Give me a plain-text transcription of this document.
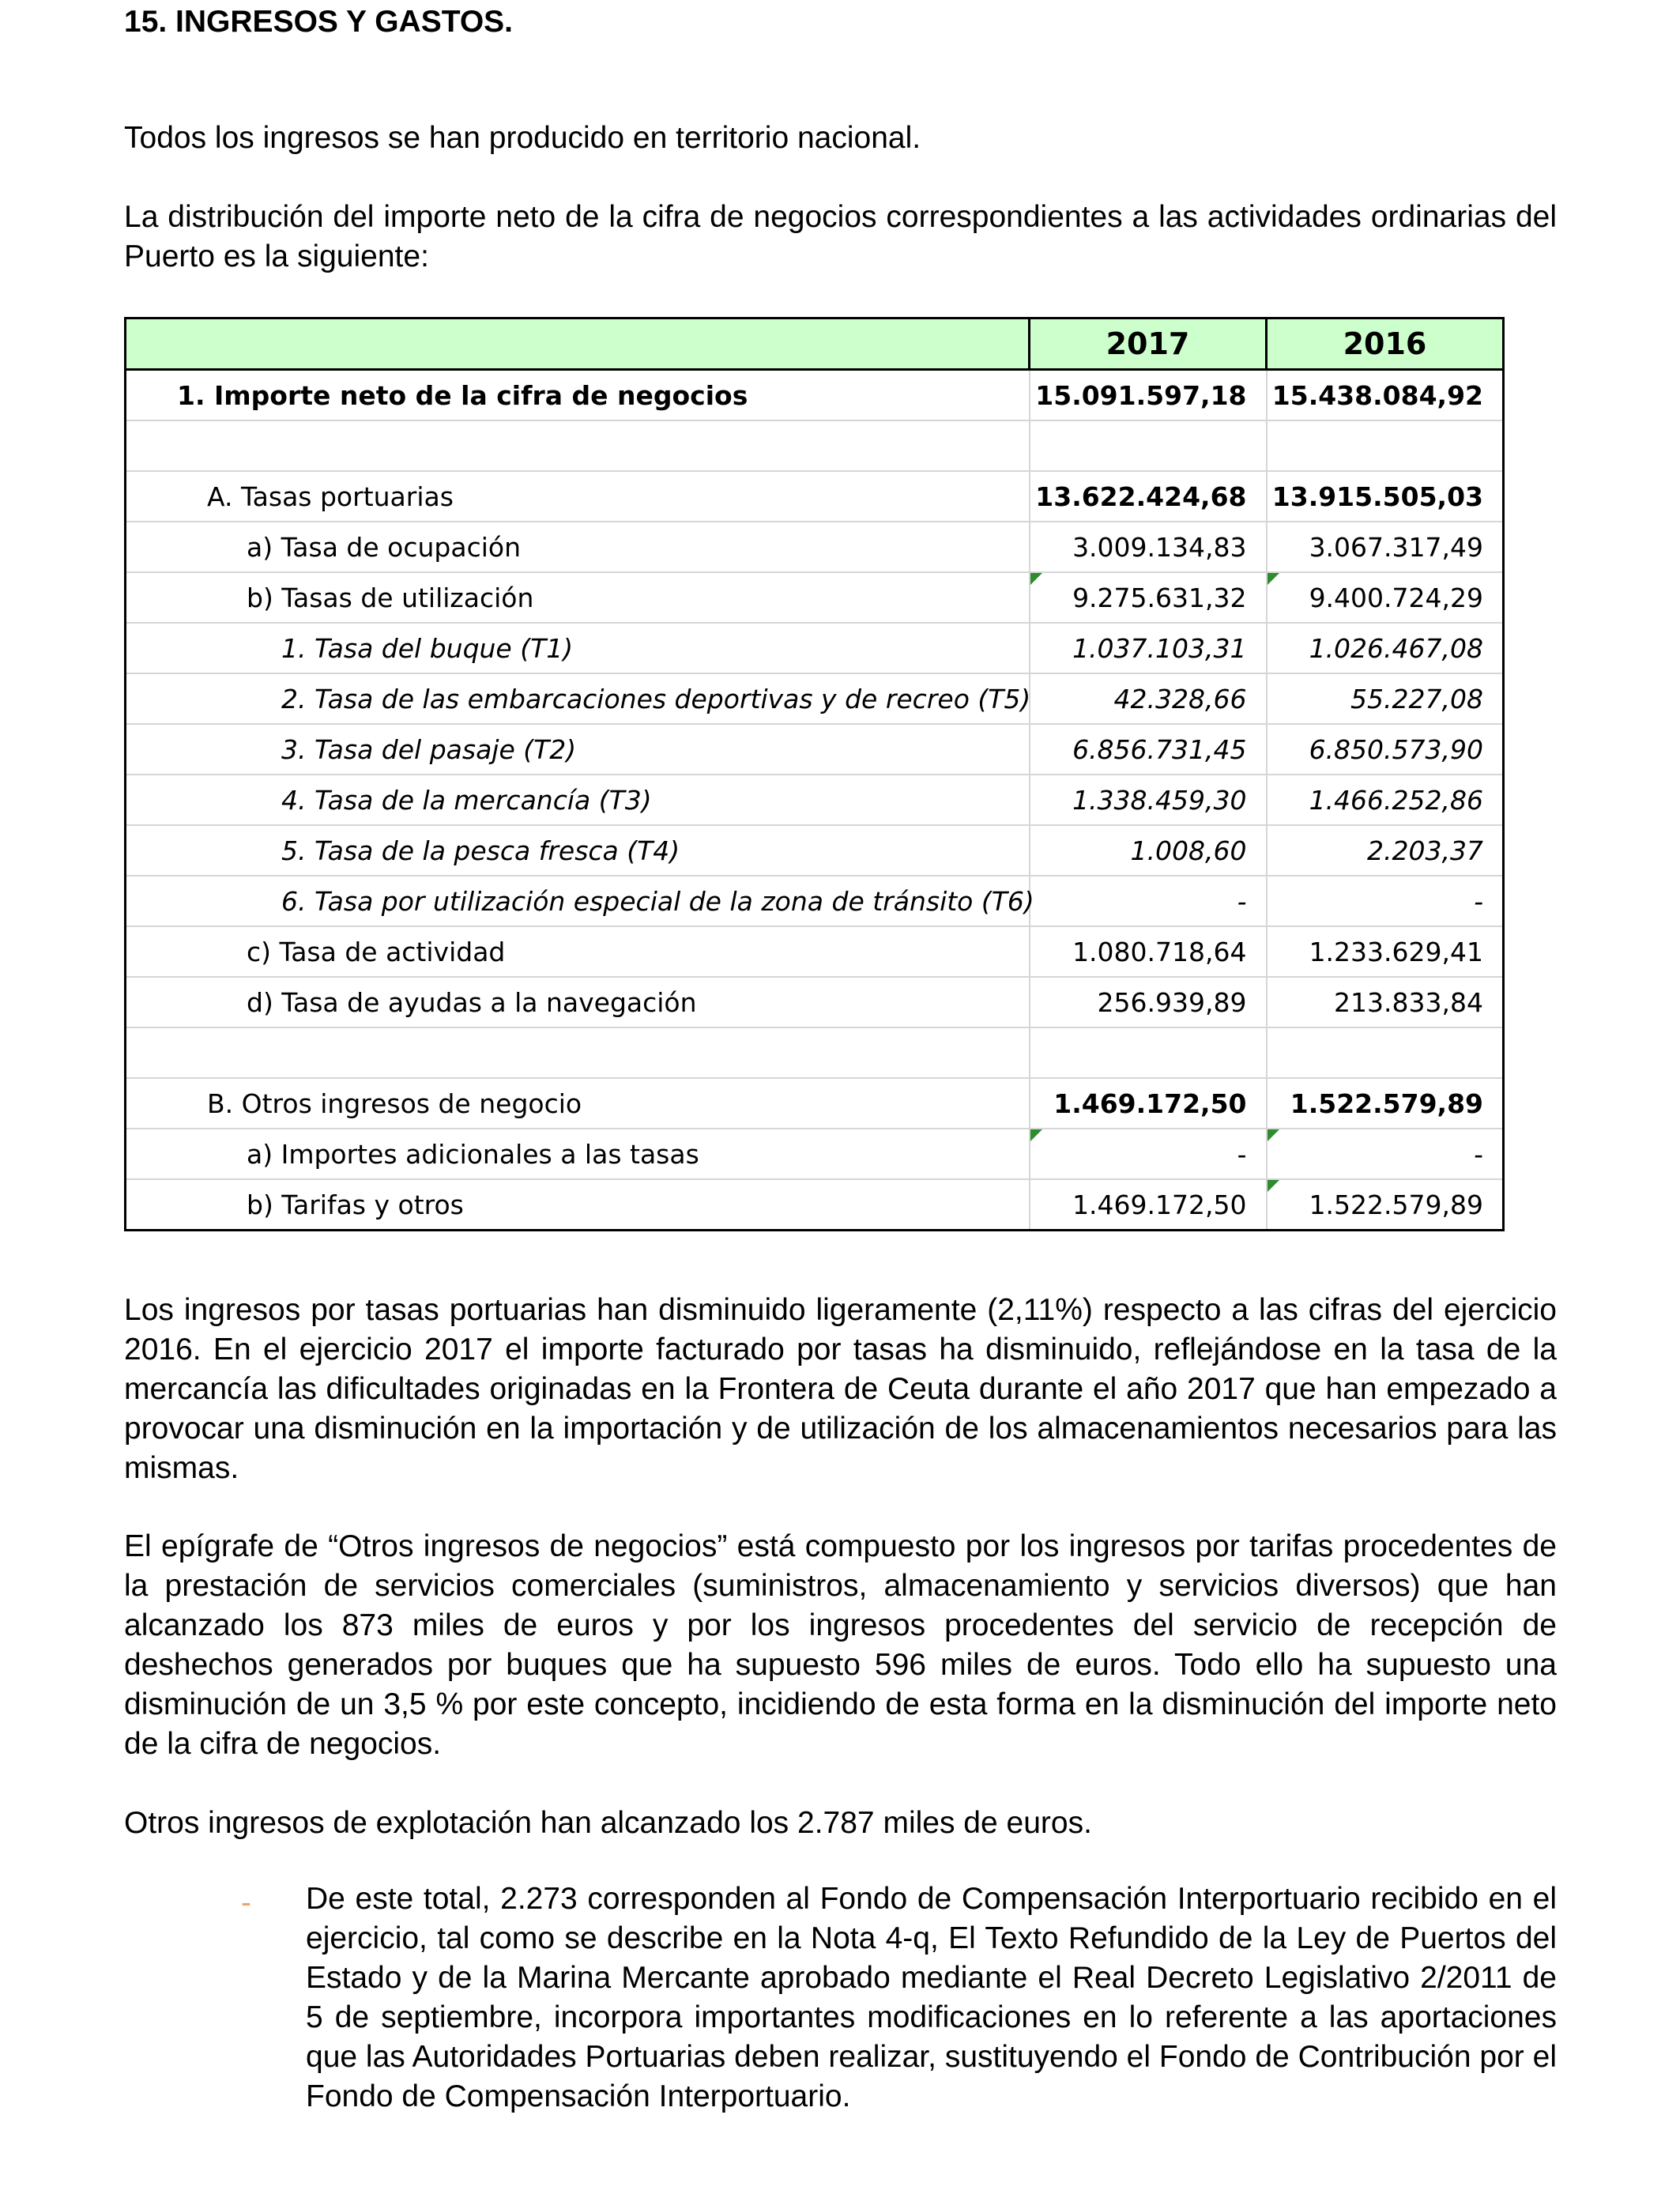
15. INGRESOS Y GASTOS.

Todos los ingresos se han producido en territorio nacional.

La distribución del importe neto de la cifra de negocios correspondientes a las actividades ordinarias del Puerto es la siguiente:

	2017	2016
1. Importe neto de la cifra de negocios	15.091.597,18	15.438.084,92

A. Tasas portuarias	13.622.424,68	13.915.505,03
a) Tasa de ocupación	3.009.134,83	3.067.317,49
b) Tasas de utilización	9.275.631,32	9.400.724,29
1. Tasa del buque (T1)	1.037.103,31	1.026.467,08
2. Tasa de las embarcaciones deportivas y de recreo (T5)	42.328,66	55.227,08
3. Tasa del pasaje (T2)	6.856.731,45	6.850.573,90
4. Tasa de la mercancía (T3)	1.338.459,30	1.466.252,86
5. Tasa de la pesca fresca (T4)	1.008,60	2.203,37
6. Tasa por utilización especial de la zona de tránsito (T6)	-	-
c) Tasa de actividad	1.080.718,64	1.233.629,41
d) Tasa de ayudas a la navegación	256.939,89	213.833,84

B. Otros ingresos de negocio	1.469.172,50	1.522.579,89
a) Importes adicionales a las tasas	-	-
b) Tarifas y otros	1.469.172,50	1.522.579,89

Los ingresos por tasas portuarias han disminuido ligeramente (2,11%) respecto a las cifras del ejercicio 2016. En el ejercicio 2017 el importe facturado por tasas ha disminuido, reflejándose en la tasa de la mercancía las dificultades originadas en la Frontera de Ceuta durante el año 2017 que han empezado a provocar una disminución en la importación y de utilización de los almacenamientos necesarios para las mismas.

El epígrafe de “Otros ingresos de negocios” está compuesto por los ingresos por tarifas procedentes de la prestación de servicios comerciales (suministros, almacenamiento y servicios diversos) que han alcanzado los 873 miles de euros y por los ingresos procedentes del servicio de recepción de deshechos generados por buques que ha supuesto 596 miles de euros. Todo ello ha supuesto una disminución de un 3,5 % por este concepto, incidiendo de esta forma en la disminución del importe neto de la cifra de negocios.

Otros ingresos de explotación han alcanzado los 2.787 miles de euros.

- De este total, 2.273 corresponden al Fondo de Compensación Interportuario recibido en el ejercicio, tal como se describe en la Nota 4-q, El Texto Refundido de la Ley de Puertos del Estado y de la Marina Mercante aprobado mediante el Real Decreto Legislativo 2/2011 de 5 de septiembre, incorpora importantes modificaciones en lo referente a las aportaciones que las Autoridades Portuarias deben realizar, sustituyendo el Fondo de Contribución por el Fondo de Compensación Interportuario.
